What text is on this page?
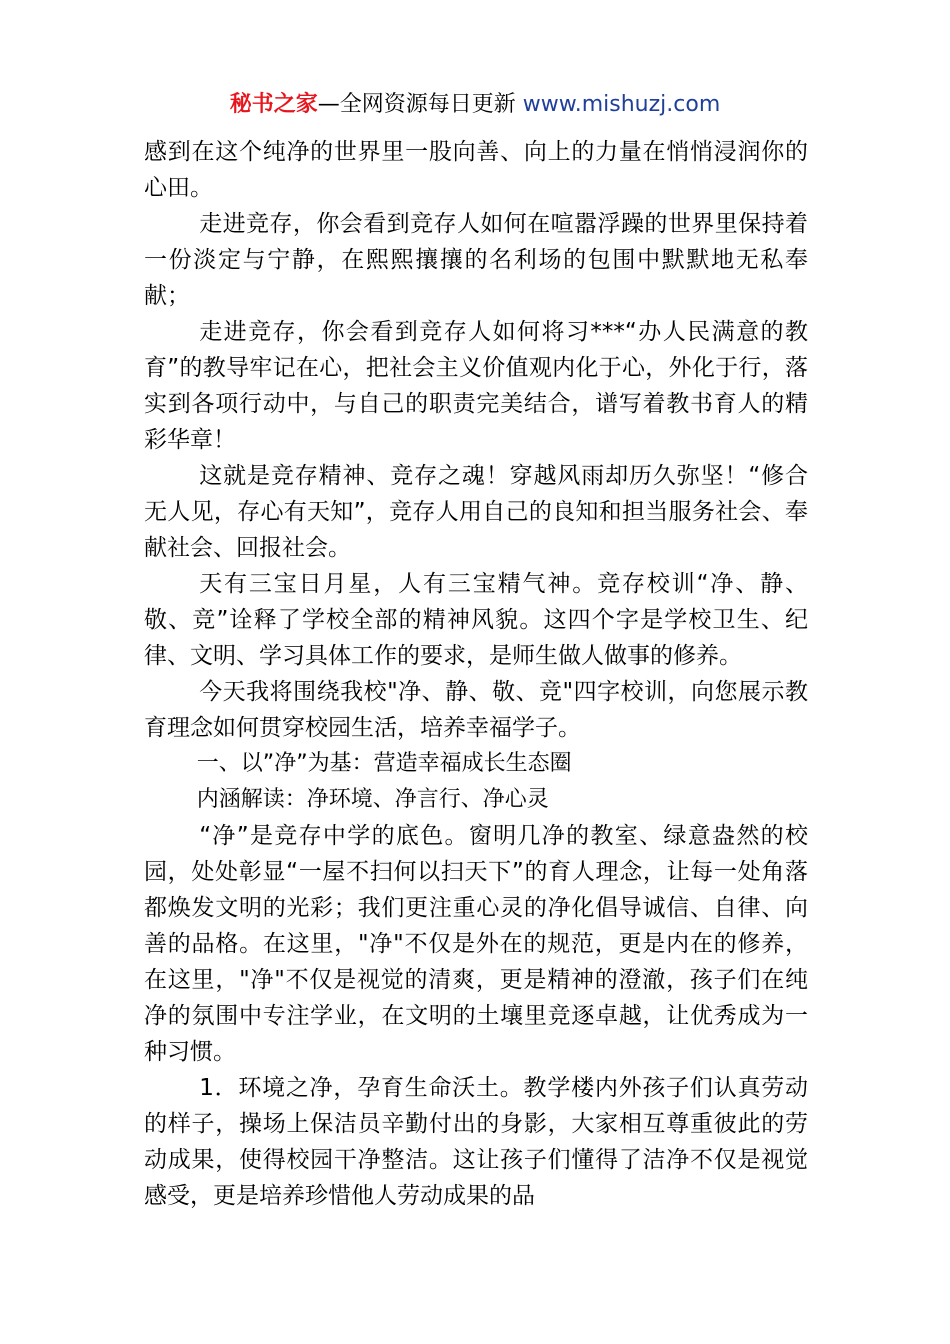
秘书之家—全网资源每日更新 www.mishuzj.com

感到在这个纯净的世界里一股向善、向上的力量在悄悄浸润你的心田。

走进竞存，你会看到竞存人如何在喧嚣浮躁的世界里保持着一份淡定与宁静，在熙熙攘攘的名利场的包围中默默地无私奉献；

走进竞存，你会看到竞存人如何将习***“办人民满意的教育”的教导牢记在心，把社会主义价值观内化于心，外化于行，落实到各项行动中，与自己的职责完美结合，谱写着教书育人的精彩华章！

这就是竞存精神、竞存之魂！穿越风雨却历久弥坚！“修合无人见，存心有天知”，竞存人用自己的良知和担当服务社会、奉献社会、回报社会。

天有三宝日月星，人有三宝精气神。竞存校训“净、静、敬、竞”诠释了学校全部的精神风貌。这四个字是学校卫生、纪律、文明、学习具体工作的要求，是师生做人做事的修养。

今天我将围绕我校"净、静、敬、竞"四字校训，向您展示教育理念如何贯穿校园生活，培养幸福学子。

一、以”净”为基：营造幸福成长生态圈

内涵解读：净环境、净言行、净心灵

“净”是竞存中学的底色。窗明几净的教室、绿意盎然的校园，处处彰显“一屋不扫何以扫天下”的育人理念，让每一处角落都焕发文明的光彩；我们更注重心灵的净化倡导诚信、自律、向善的品格。在这里，"净"不仅是外在的规范，更是内在的修养，在这里，"净"不仅是视觉的清爽，更是精神的澄澈，孩子们在纯净的氛围中专注学业，在文明的土壤里竞逐卓越，让优秀成为一种习惯。

1．环境之净，孕育生命沃土。教学楼内外孩子们认真劳动的样子，操场上保洁员辛勤付出的身影，大家相互尊重彼此的劳动成果，使得校园干净整洁。这让孩子们懂得了洁净不仅是视觉感受，更是培养珍惜他人劳动成果的品
